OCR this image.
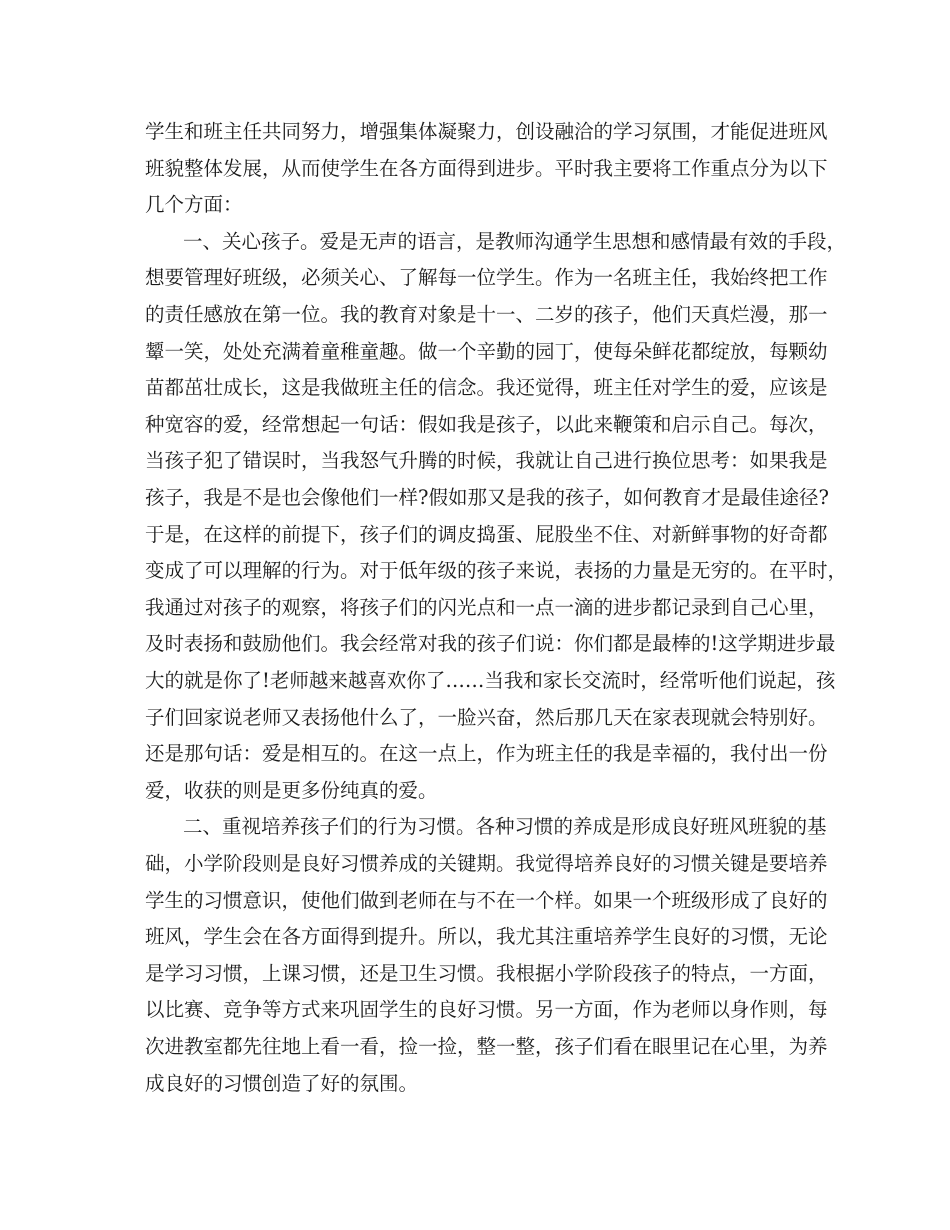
学生和班主任共同努力，增强集体凝聚力，创设融洽的学习氛围，才能促进班风
班貌整体发展，从而使学生在各方面得到进步。平时我主要将工作重点分为以下
几个方面：
一、关心孩子。爱是无声的语言，是教师沟通学生思想和感情最有效的手段，
想要管理好班级，必须关心、了解每一位学生。作为一名班主任，我始终把工作
的责任感放在第一位。我的教育对象是十一、二岁的孩子，他们天真烂漫，那一
颦一笑，处处充满着童稚童趣。做一个辛勤的园丁，使每朵鲜花都绽放，每颗幼
苗都茁壮成长，这是我做班主任的信念。我还觉得，班主任对学生的爱，应该是
种宽容的爱，经常想起一句话：假如我是孩子，以此来鞭策和启示自己。每次，
当孩子犯了错误时，当我怒气升腾的时候，我就让自己进行换位思考：如果我是
孩子，我是不是也会像他们一样?假如那又是我的孩子，如何教育才是最佳途径?
于是，在这样的前提下，孩子们的调皮捣蛋、屁股坐不住、对新鲜事物的好奇都
变成了可以理解的行为。对于低年级的孩子来说，表扬的力量是无穷的。在平时，
我通过对孩子的观察，将孩子们的闪光点和一点一滴的进步都记录到自己心里，
及时表扬和鼓励他们。我会经常对我的孩子们说：你们都是最棒的!这学期进步最
大的就是你了!老师越来越喜欢你了……当我和家长交流时，经常听他们说起，孩
子们回家说老师又表扬他什么了，一脸兴奋，然后那几天在家表现就会特别好。
还是那句话：爱是相互的。在这一点上，作为班主任的我是幸福的，我付出一份
爱，收获的则是更多份纯真的爱。
二、重视培养孩子们的行为习惯。各种习惯的养成是形成良好班风班貌的基
础，小学阶段则是良好习惯养成的关键期。我觉得培养良好的习惯关键是要培养
学生的习惯意识，使他们做到老师在与不在一个样。如果一个班级形成了良好的
班风，学生会在各方面得到提升。所以，我尤其注重培养学生良好的习惯，无论
是学习习惯，上课习惯，还是卫生习惯。我根据小学阶段孩子的特点，一方面，
以比赛、竞争等方式来巩固学生的良好习惯。另一方面，作为老师以身作则，每
次进教室都先往地上看一看，捡一捡，整一整，孩子们看在眼里记在心里，为养
成良好的习惯创造了好的氛围。
